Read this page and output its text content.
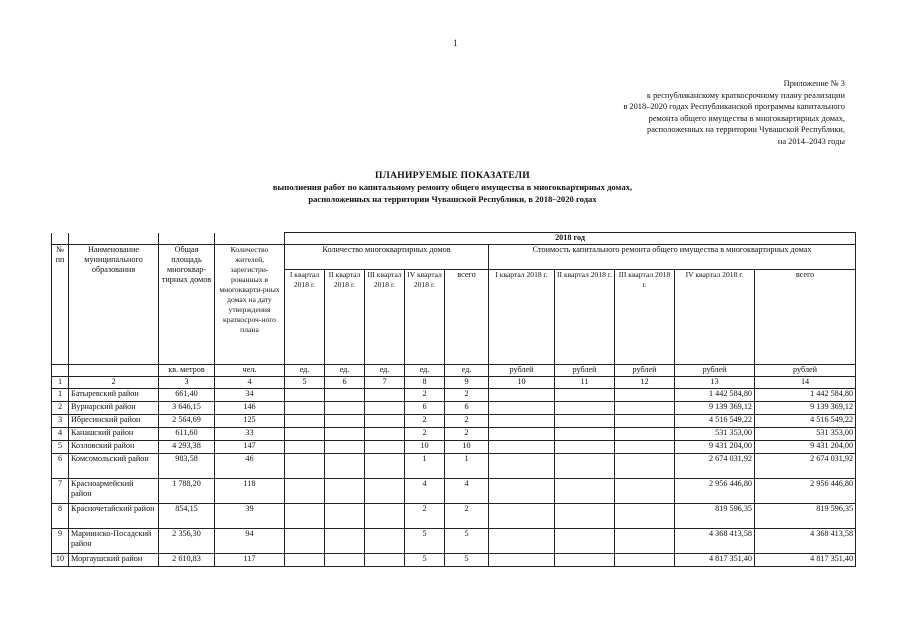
1
Приложение № 3
к республиканскому краткосрочному плану реализации
в 2018–2020 годах Республиканской программы капитального
ремонта общего имущества в многоквартирных домах,
расположенных на территории Чувашской Республики,
на 2014–2043 годы
ПЛАНИРУЕМЫЕ ПОКАЗАТЕЛИ
выполнения работ по капитальному ремонту общего имущества в многоквартирных домах,
расположенных на территории Чувашской Республики, в 2018–2020 годах
				2018 год									
№ пп	Наименование муниципального образования	Общая площадь многоквар-тирных домов	Количество жителей, зарегистри-рованных в многокварти-рных домах на дату утверждения краткосроч-ного плана	Количество многоквартирных домов					Стоимость капитального ремонта общего имущества в многоквартирных домах				
				I квартал 2018 г.	II квартал 2018 г.	III квартал 2018 г.	IV квартал 2018 г.	всего	I квартал 2018 г.	II квартал 2018 г.	III квартал 2018 г.	IV квартал 2018 г.	всего
		кв. метров	чел.	ед.	ед.	ед.	ед.	ед.	рублей	рублей	рублей	рублей	рублей
1	2	3	4	5	6	7	8	9	10	11	12	13	14
1	Батыревский район	661,40	34				2	2				1 442 584,80	1 442 584,80
2	Вурнарский район	3 646,15	146				6	6				9 139 369,12	9 139 369,12
3	Ибресинский район	2 564,69	125				2	2				4 516 549,22	4 516 549,22
4	Канашский район	611,60	33				2	2				531 353,00	531 353,00
5	Козловский район	4 293,38	147				10	10				9 431 204,00	9 431 204,00
6	Комсомольский район	983,58	46				1	1				2 674 031,92	2 674 031,92
7	Красноармейский район	1 788,20	118				4	4				2 956 446,80	2 956 446,80
8	Красночетайский район	854,15	39				2	2				819 596,35	819 596,35
9	Мариинско-Посадский район	2 356,30	94				5	5				4 368 413,58	4 368 413,58
10	Моргаушский район	2 610,83	117				5	5				4 817 351,40	4 817 351,40
